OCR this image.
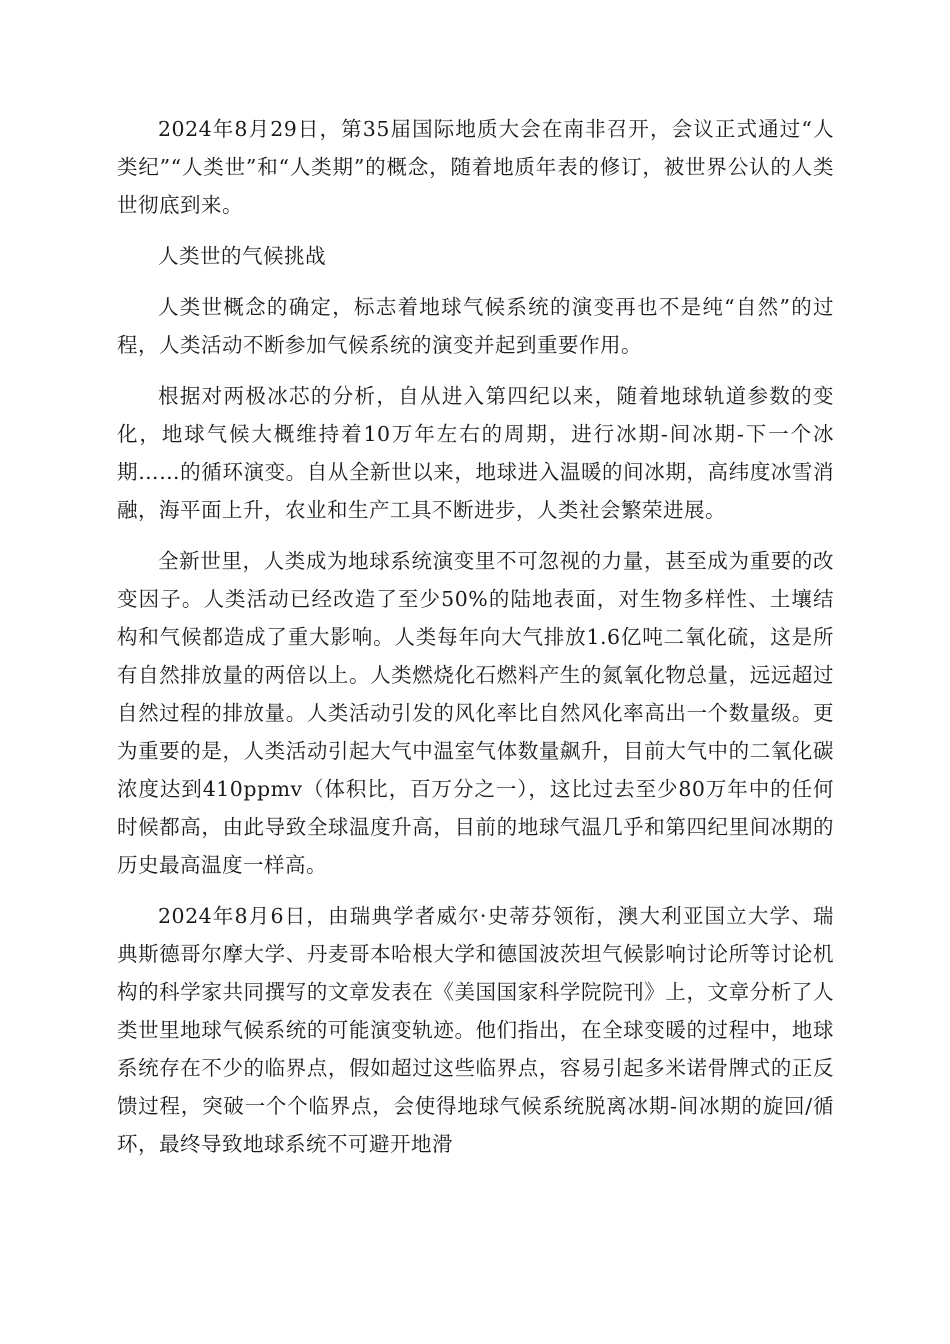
2024年8月29日，第35届国际地质大会在南非召开，会议正式通过“人类纪”“人类世”和“人类期”的概念，随着地质年表的修订，被世界公认的人类世彻底到来。

人类世的气候挑战

人类世概念的确定，标志着地球气候系统的演变再也不是纯“自然”的过程，人类活动不断参加气候系统的演变并起到重要作用。

根据对两极冰芯的分析，自从进入第四纪以来，随着地球轨道参数的变化，地球气候大概维持着10万年左右的周期，进行冰期-间冰期-下一个冰期……的循环演变。自从全新世以来，地球进入温暖的间冰期，高纬度冰雪消融，海平面上升，农业和生产工具不断进步，人类社会繁荣进展。

全新世里，人类成为地球系统演变里不可忽视的力量，甚至成为重要的改变因子。人类活动已经改造了至少50%的陆地表面，对生物多样性、土壤结构和气候都造成了重大影响。人类每年向大气排放1.6亿吨二氧化硫，这是所有自然排放量的两倍以上。人类燃烧化石燃料产生的氮氧化物总量，远远超过自然过程的排放量。人类活动引发的风化率比自然风化率高出一个数量级。更为重要的是，人类活动引起大气中温室气体数量飙升，目前大气中的二氧化碳浓度达到410ppmv（体积比，百万分之一），这比过去至少80万年中的任何时候都高，由此导致全球温度升高，目前的地球气温几乎和第四纪里间冰期的历史最高温度一样高。

2024年8月6日，由瑞典学者威尔·史蒂芬领衔，澳大利亚国立大学、瑞典斯德哥尔摩大学、丹麦哥本哈根大学和德国波茨坦气候影响讨论所等讨论机构的科学家共同撰写的文章发表在《美国国家科学院院刊》上，文章分析了人类世里地球气候系统的可能演变轨迹。他们指出，在全球变暖的过程中，地球系统存在不少的临界点，假如超过这些临界点，容易引起多米诺骨牌式的正反馈过程，突破一个个临界点，会使得地球气候系统脱离冰期-间冰期的旋回/循环，最终导致地球系统不可避开地滑
